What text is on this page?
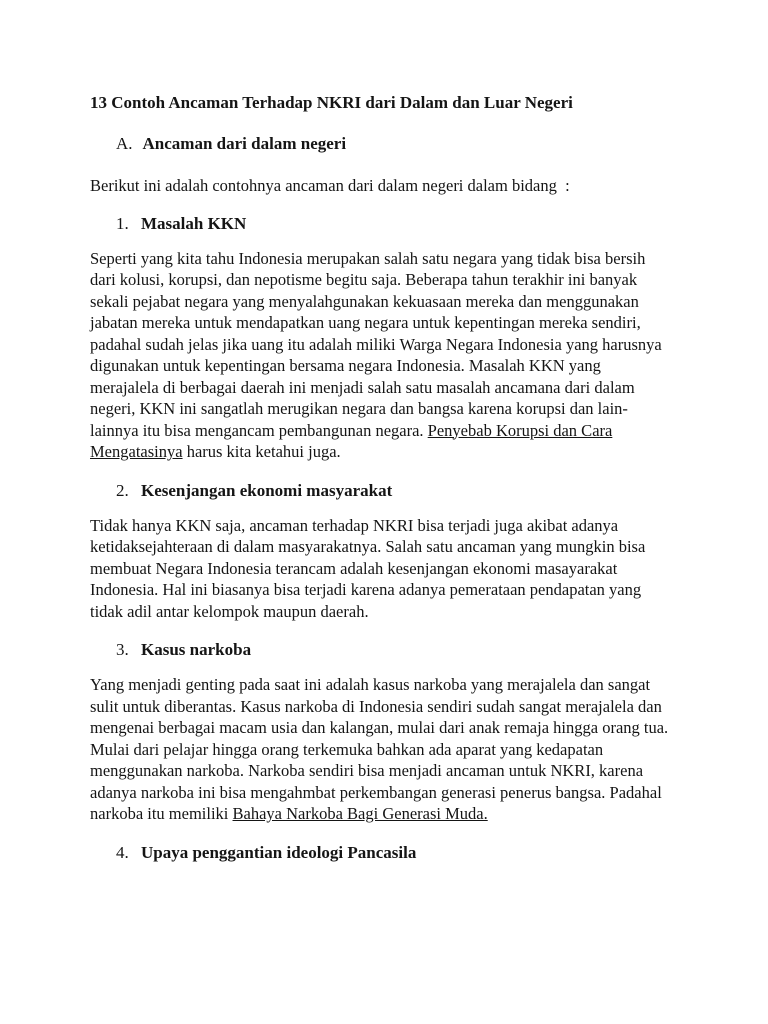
13 Contoh Ancaman Terhadap NKRI dari Dalam dan Luar Negeri
A. Ancaman dari dalam negeri

Berikut ini adalah contohnya ancaman dari dalam negeri dalam bidang  :

1. Masalah KKN

Seperti yang kita tahu Indonesia merupakan salah satu negara yang tidak bisa bersih dari kolusi, korupsi, dan nepotisme begitu saja. Beberapa tahun terakhir ini banyak sekali pejabat negara yang menyalahgunakan kekuasaan mereka dan menggunakan jabatan mereka untuk mendapatkan uang negara untuk kepentingan mereka sendiri, padahal sudah jelas jika uang itu adalah miliki Warga Negara Indonesia yang harusnya digunakan untuk kepentingan bersama negara Indonesia. Masalah KKN yang merajalela di berbagai daerah ini menjadi salah satu masalah ancamana dari dalam negeri, KKN ini sangatlah merugikan negara dan bangsa karena korupsi dan lain-lainnya itu bisa mengancam pembangunan negara. Penyebab Korupsi dan Cara Mengatasinya harus kita ketahui juga.

2. Kesenjangan ekonomi masyarakat

Tidak hanya KKN saja, ancaman terhadap NKRI bisa terjadi juga akibat adanya ketidaksejahteraan di dalam masyarakatnya. Salah satu ancaman yang mungkin bisa membuat Negara Indonesia terancam adalah kesenjangan ekonomi masayarakat Indonesia. Hal ini biasanya bisa terjadi karena adanya pemerataan pendapatan yang tidak adil antar kelompok maupun daerah.

3. Kasus narkoba

Yang menjadi genting pada saat ini adalah kasus narkoba yang merajalela dan sangat sulit untuk diberantas. Kasus narkoba di Indonesia sendiri sudah sangat merajalela dan mengenai berbagai macam usia dan kalangan, mulai dari anak remaja hingga orang tua. Mulai dari pelajar hingga orang terkemuka bahkan ada aparat yang kedapatan menggunakan narkoba. Narkoba sendiri bisa menjadi ancaman untuk NKRI, karena adanya narkoba ini bisa mengahmbat perkembangan generasi penerus bangsa. Padahal narkoba itu memiliki Bahaya Narkoba Bagi Generasi Muda.

4. Upaya penggantian ideologi Pancasila
